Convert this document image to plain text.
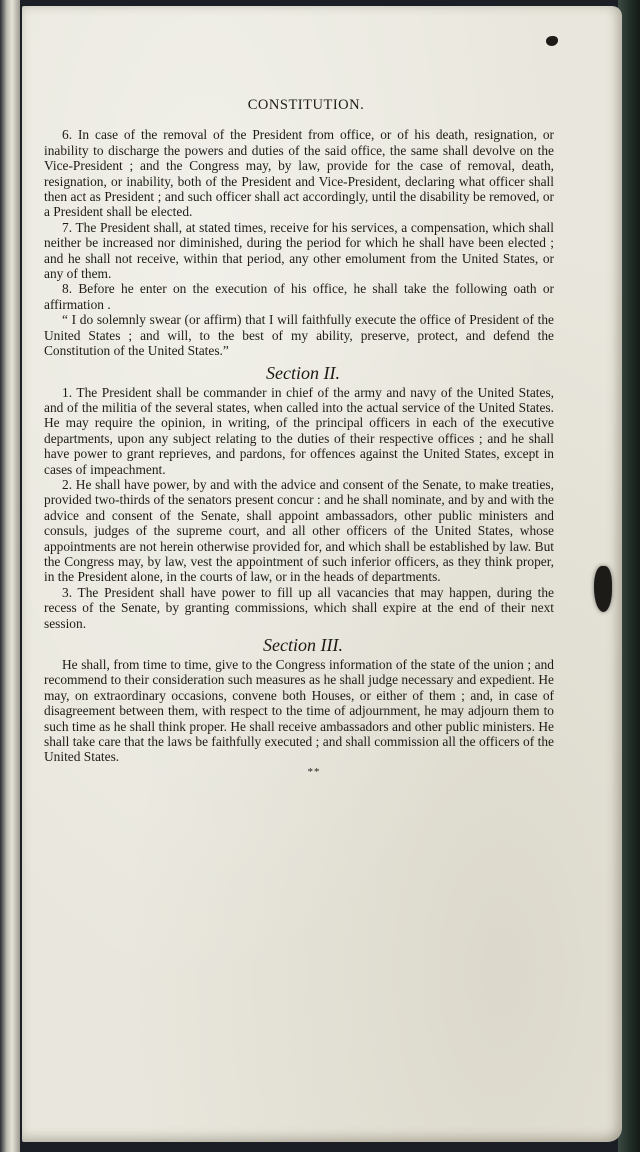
CONSTITUTION.

6. In case of the removal of the President from office, or of his death, resignation, or inability to discharge the powers and duties of the said office, the same shall devolve on the Vice-President ; and the Congress may, by law, provide for the case of removal, death, resignation, or inability, both of the President and Vice-President, declaring what officer shall then act as President ; and such officer shall act accordingly, until the disability be removed, or a President shall be elected.

7. The President shall, at stated times, receive for his services, a compensation, which shall neither be increased nor diminished, during the period for which he shall have been elected ; and he shall not receive, within that period, any other emolument from the United States, or any of them.

8. Before he enter on the execution of his office, he shall take the following oath or affirmation .

“ I do solemnly swear (or affirm) that I will faithfully execute the office of President of the United States ; and will, to the best of my ability, preserve, protect, and defend the Constitution of the United States.”

Section II.

1. The President shall be commander in chief of the army and navy of the United States, and of the militia of the several states, when called into the actual service of the United States. He may require the opinion, in writing, of the principal officers in each of the executive departments, upon any subject relating to the duties of their respective offices ; and he shall have power to grant reprieves, and pardons, for offences against the United States, except in cases of impeachment.

2. He shall have power, by and with the advice and consent of the Senate, to make treaties, provided two-thirds of the senators present concur : and he shall nominate, and by and with the advice and consent of the Senate, shall appoint ambassadors, other public ministers and consuls, judges of the supreme court, and all other officers of the United States, whose appointments are not herein otherwise provided for, and which shall be established by law. But the Congress may, by law, vest the appointment of such inferior officers, as they think proper, in the President alone, in the courts of law, or in the heads of departments.

3. The President shall have power to fill up all vacancies that may happen, during the recess of the Senate, by granting commissions, which shall expire at the end of their next session.

Section III.

He shall, from time to time, give to the Congress information of the state of the union ; and recommend to their consideration such measures as he shall judge necessary and expedient. He may, on extraordinary occasions, convene both Houses, or either of them ; and, in case of disagreement between them, with respect to the time of adjournment, he may adjourn them to such time as he shall think proper. He shall receive ambassadors and other public ministers. He shall take care that the laws be faithfully executed ; and shall commission all the officers of the United States.

**
